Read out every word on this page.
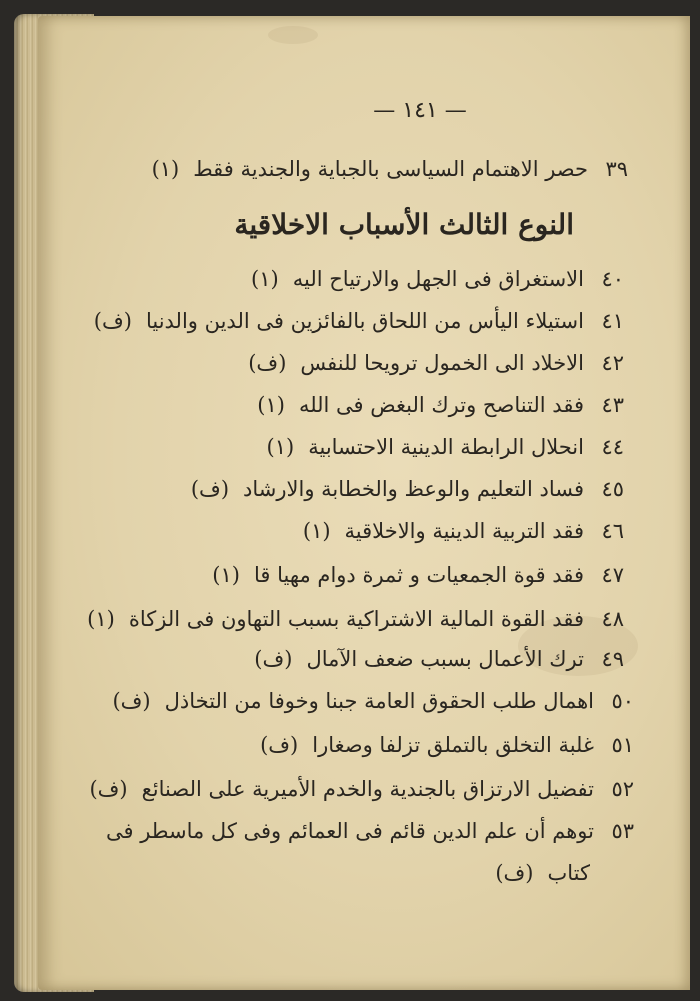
— ١٤١ —
٣٩حصر الاهتمام السياسى بالجباية والجندية فقط(١)
النوع الثالث الأسباب الاخلاقية
٤٠الاستغراق فى الجهل والارتياح اليه(١)
٤١استيلاء اليأس من اللحاق بالفائزين فى الدين والدنيا(ف)
٤٢الاخلاد الى الخمول ترويحا للنفس(ف)
٤٣فقد التناصح وترك البغض فى الله(١)
٤٤انحلال الرابطة الدينية الاحتسابية(١)
٤٥فساد التعليم والوعظ والخطابة والارشاد(ف)
٤٦فقد التربية الدينية والاخلاقية(١)
٤٧فقد قوة الجمعيات و ثمرة دوام مهيا قا(١)
٤٨فقد القوة المالية الاشتراكية بسبب التهاون فى الزكاة(١)
٤٩ترك الأعمال بسبب ضعف الآمال(ف)
٥٠اهمال طلب الحقوق العامة جبنا وخوفا من التخاذل(ف)
٥١غلبة التخلق بالتملق تزلفا وصغارا(ف)
٥٢تفضيل الارتزاق بالجندية والخدم الأميرية على الصنائع(ف)
٥٣توهم أن علم الدين قائم فى العمائم وفى كل ماسطر فى
كتاب(ف)
